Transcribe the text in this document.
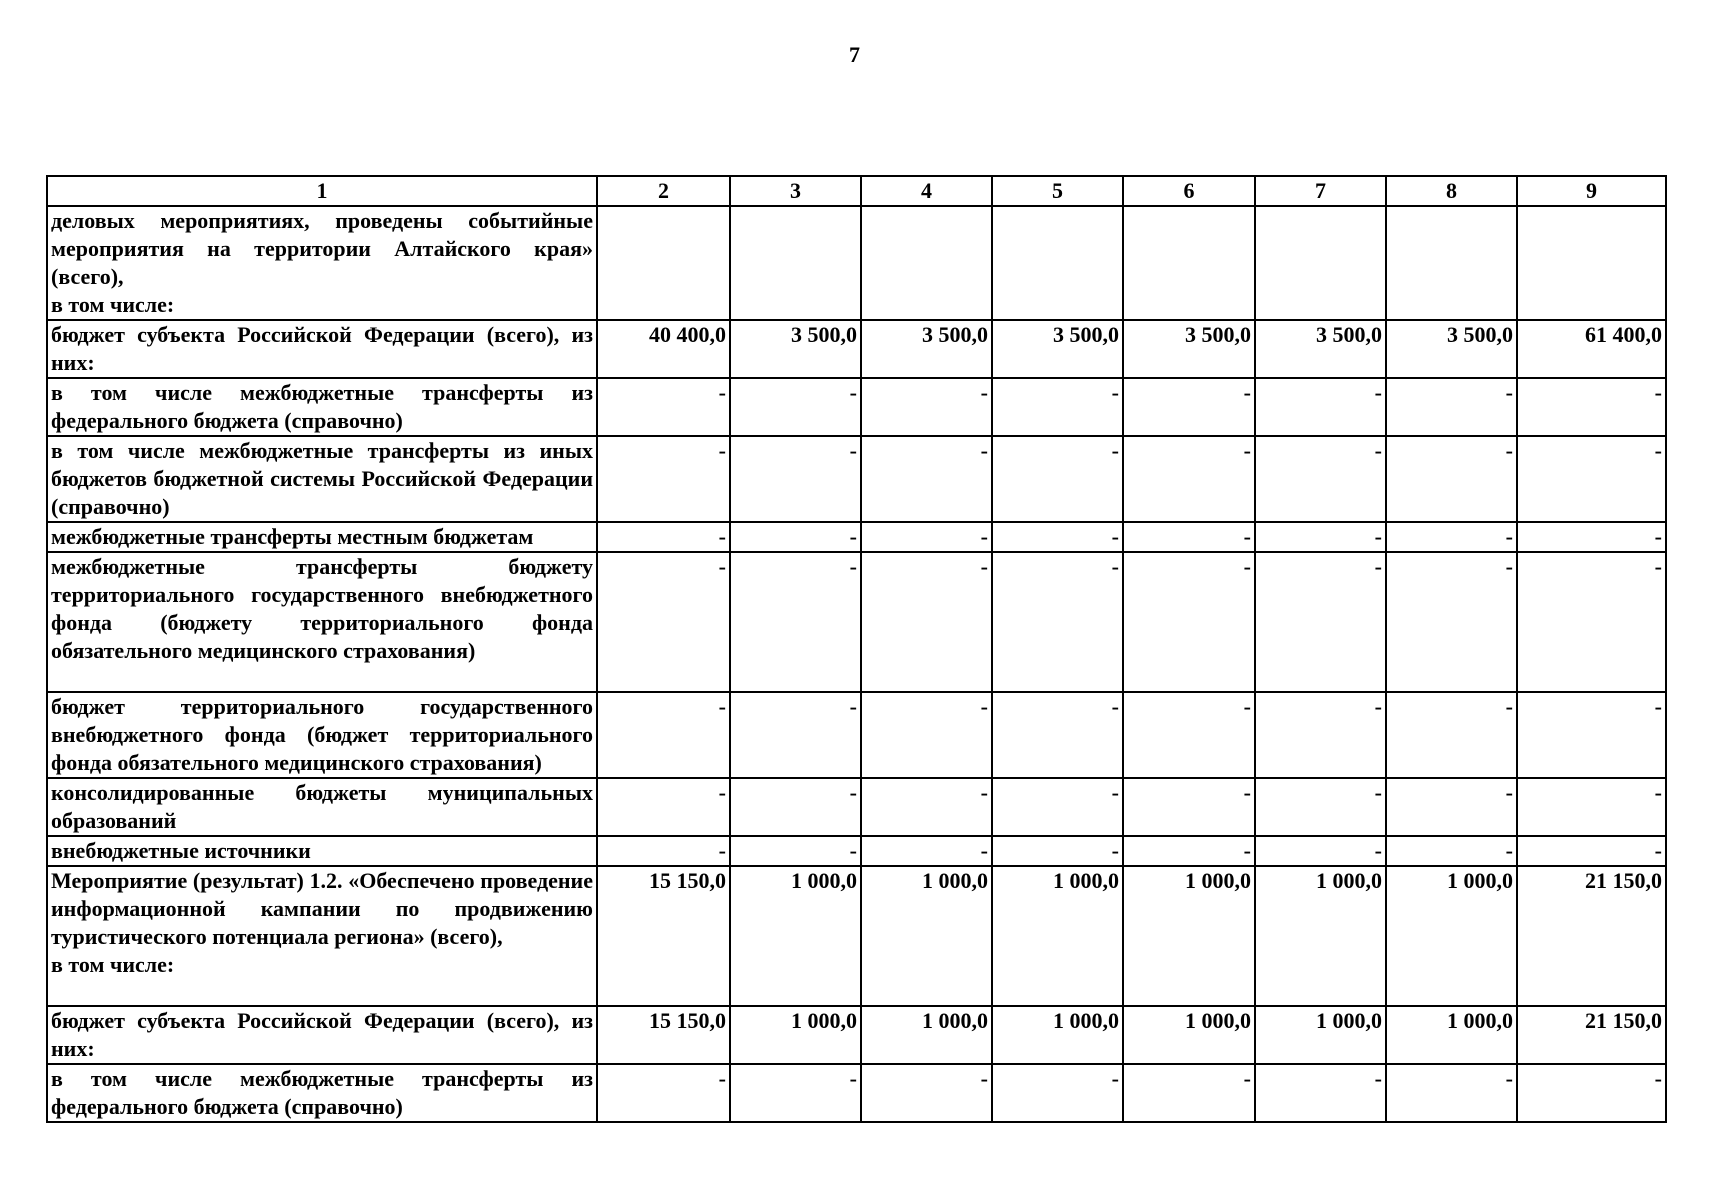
7
1	2	3	4	5	6	7	8	9
деловых мероприятиях, проведены событийные мероприятия на территории Алтайского края» (всего),
в том числе:								
бюджет субъекта Российской Федерации (всего), из них:	40 400,0	3 500,0	3 500,0	3 500,0	3 500,0	3 500,0	3 500,0	61 400,0
в том числе межбюджетные трансферты из федерального бюджета (справочно)	-	-	-	-	-	-	-	-
в том числе межбюджетные трансферты из иных бюджетов бюджетной системы Российской Федерации (справочно)	-	-	-	-	-	-	-	-
межбюджетные трансферты местным бюджетам	-	-	-	-	-	-	-	-
межбюджетные трансферты бюджету территориального государственного внебюджетного фонда (бюджету территориального фонда обязательного медицинского страхования)	-	-	-	-	-	-	-	-
бюджет территориального государственного внебюджетного фонда (бюджет территориального фонда обязательного медицинского страхования)	-	-	-	-	-	-	-	-
консолидированные бюджеты муниципальных образований	-	-	-	-	-	-	-	-
внебюджетные источники	-	-	-	-	-	-	-	-
Мероприятие (результат) 1.2. «Обеспечено проведение информационной кампании по продвижению туристического потенциала региона» (всего),
в том числе:	15 150,0	1 000,0	1 000,0	1 000,0	1 000,0	1 000,0	1 000,0	21 150,0
бюджет субъекта Российской Федерации (всего), из них:	15 150,0	1 000,0	1 000,0	1 000,0	1 000,0	1 000,0	1 000,0	21 150,0
в том числе межбюджетные трансферты из федерального бюджета (справочно)	-	-	-	-	-	-	-	-
